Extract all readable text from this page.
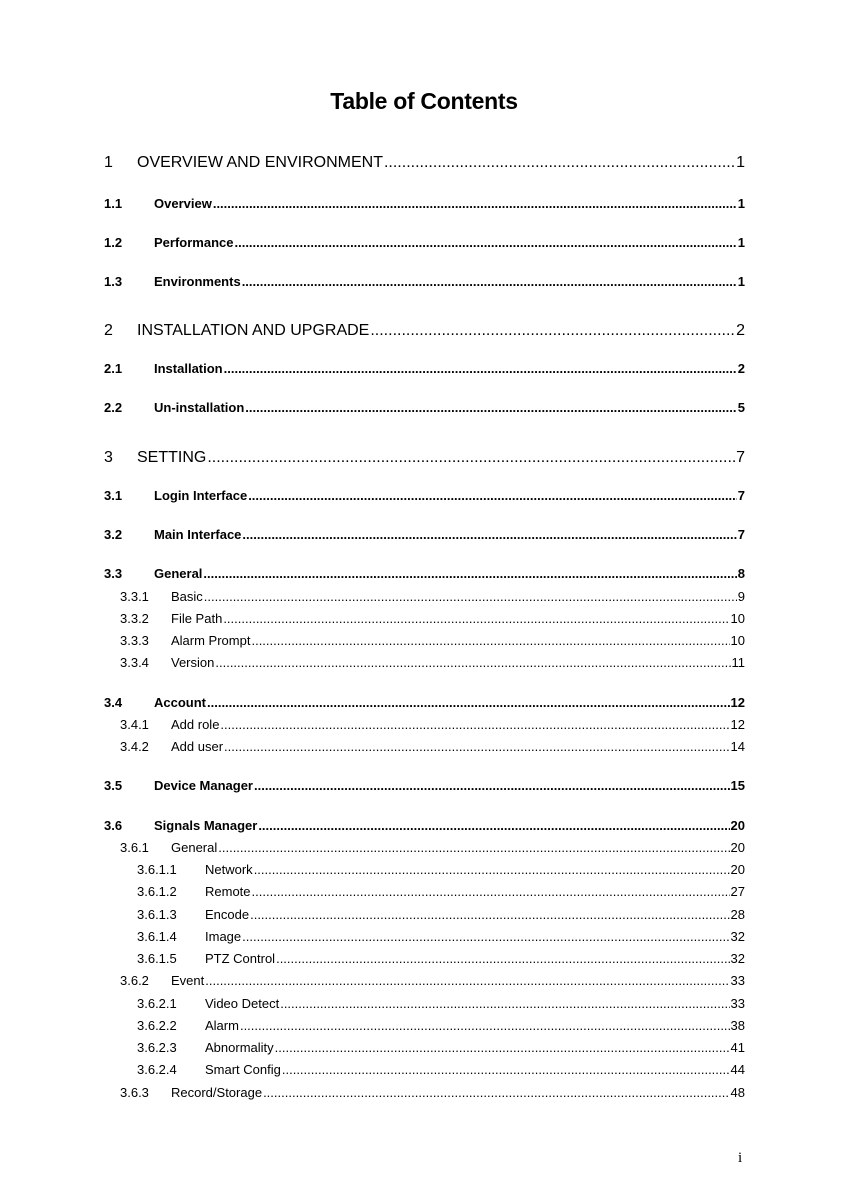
Table of Contents
1	OVERVIEW AND ENVIRONMENT .....	1
1.1	Overview .....	1
1.2	Performance .....	1
1.3	Environments .....	1
2	INSTALLATION AND UPGRADE .....	2
2.1	Installation .....	2
2.2	Un-installation .....	5
3	SETTING .....	7
3.1	Login Interface .....	7
3.2	Main Interface .....	7
3.3	General .....	8
3.3.1	Basic .....	9
3.3.2	File Path .....	10
3.3.3	Alarm Prompt .....	10
3.3.4	Version .....	11
3.4	Account .....	12
3.4.1	Add role .....	12
3.4.2	Add user .....	14
3.5	Device Manager .....	15
3.6	Signals Manager .....	20
3.6.1	General .....	20
3.6.1.1	Network .....	20
3.6.1.2	Remote .....	27
3.6.1.3	Encode .....	28
3.6.1.4	Image .....	32
3.6.1.5	PTZ Control .....	32
3.6.2	Event .....	33
3.6.2.1	Video Detect .....	33
3.6.2.2	Alarm .....	38
3.6.2.3	Abnormality .....	41
3.6.2.4	Smart Config .....	44
3.6.3	Record/Storage .....	48
i
